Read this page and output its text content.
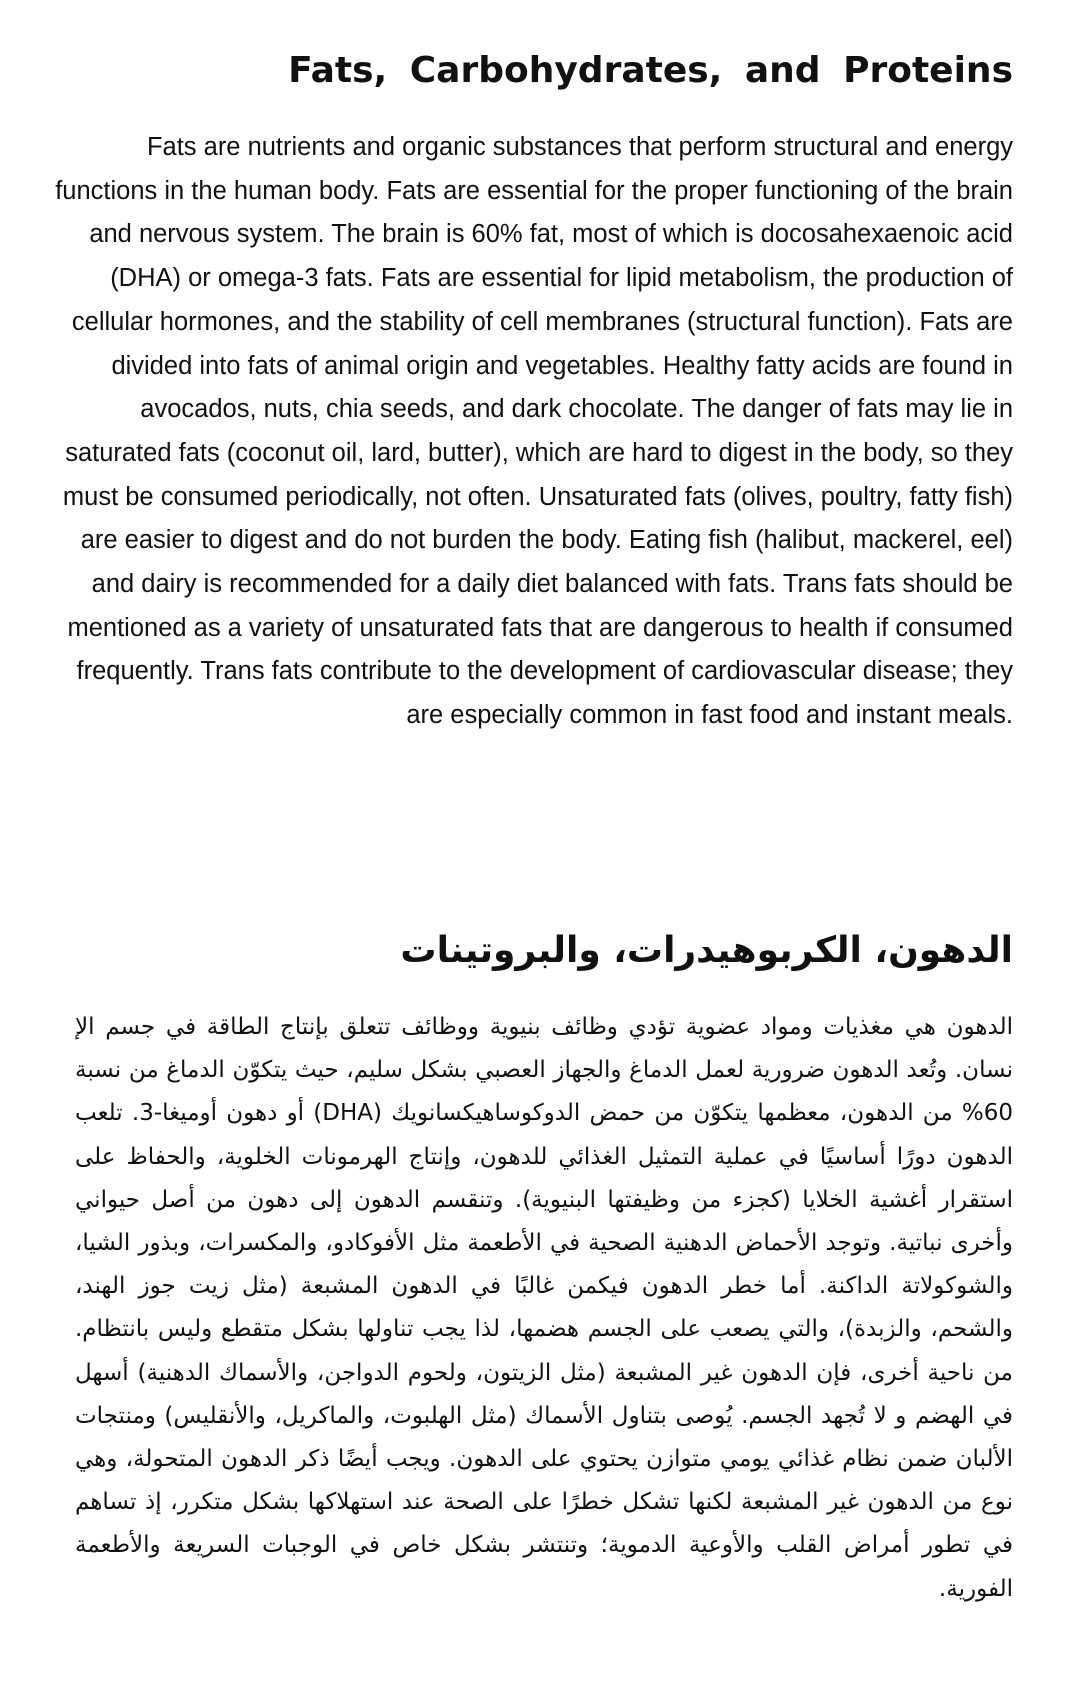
Fats, Carbohydrates, and Proteins

Fats are nutrients and organic substances that perform structural and energy functions in the human body. Fats are essential for the proper functioning of the brain and nervous system. The brain is 60% fat, most of which is docosahexaenoic acid (DHA) or omega-3 fats. Fats are essential for lipid metabolism, the production of cellular hormones, and the stability of cell membranes (structural function). Fats are divided into fats of animal origin and vegetables. Healthy fatty acids are found in avocados, nuts, chia seeds, and dark chocolate. The danger of fats may lie in saturated fats (coconut oil, lard, butter), which are hard to digest in the body, so they must be consumed periodically, not often. Unsaturated fats (olives, poultry, fatty fish) are easier to digest and do not burden the body. Eating fish (halibut, mackerel, eel) and dairy is recommended for a daily diet balanced with fats. Trans fats should be mentioned as a variety of unsaturated fats that are dangerous to health if consumed frequently. Trans fats contribute to the development of cardiovascular disease; they are especially common in fast food and instant meals.

الدهون، الكربوهيدرات، والبروتينات

الدهون هي مغذيات ومواد عضوية تؤدي وظائف بنيوية ووظائف تتعلق بإنتاج الطاقة في جسم الإ نسان. وتُعد الدهون ضرورية لعمل الدماغ والجهاز العصبي بشكل سليم، حيث يتكوّن الدماغ من نسبة 60% من الدهون، معظمها يتكوّن من حمض الدوكوساهيكسانويك (DHA) أو دهون أوميغا-3. تلعب الدهون دورًا أساسيًا في عملية التمثيل الغذائي للدهون، وإنتاج الهرمونات الخلوية، والحفاظ على استقرار أغشية الخلايا (كجزء من وظيفتها البنيوية). وتنقسم الدهون إلى دهون من أصل حيواني وأخرى نباتية. وتوجد الأحماض الدهنية الصحية في الأطعمة مثل الأفوكادو، والمكسرات، وبذور الشيا، والشوكولاتة الداكنة. أما خطر الدهون فيكمن غالبًا في الدهون المشبعة (مثل زيت جوز الهند، والشحم، والزبدة)، والتي يصعب على الجسم هضمها، لذا يجب تناولها بشكل متقطع وليس بانتظام. من ناحية أخرى، فإن الدهون غير المشبعة (مثل الزيتون، ولحوم الدواجن، والأسماك الدهنية) أسهل في الهضم و لا تُجهد الجسم. يُوصى بتناول الأسماك (مثل الهلبوت، والماكريل، والأنقليس) ومنتجات الألبان ضمن نظام غذائي يومي متوازن يحتوي على الدهون. ويجب أيضًا ذكر الدهون المتحولة، وهي نوع من الدهون غير المشبعة لكنها تشكل خطرًا على الصحة عند استهلاكها بشكل متكرر، إذ تساهم في تطور أمراض القلب والأوعية الدموية؛ وتنتشر بشكل خاص في الوجبات السريعة والأطعمة الفورية.
